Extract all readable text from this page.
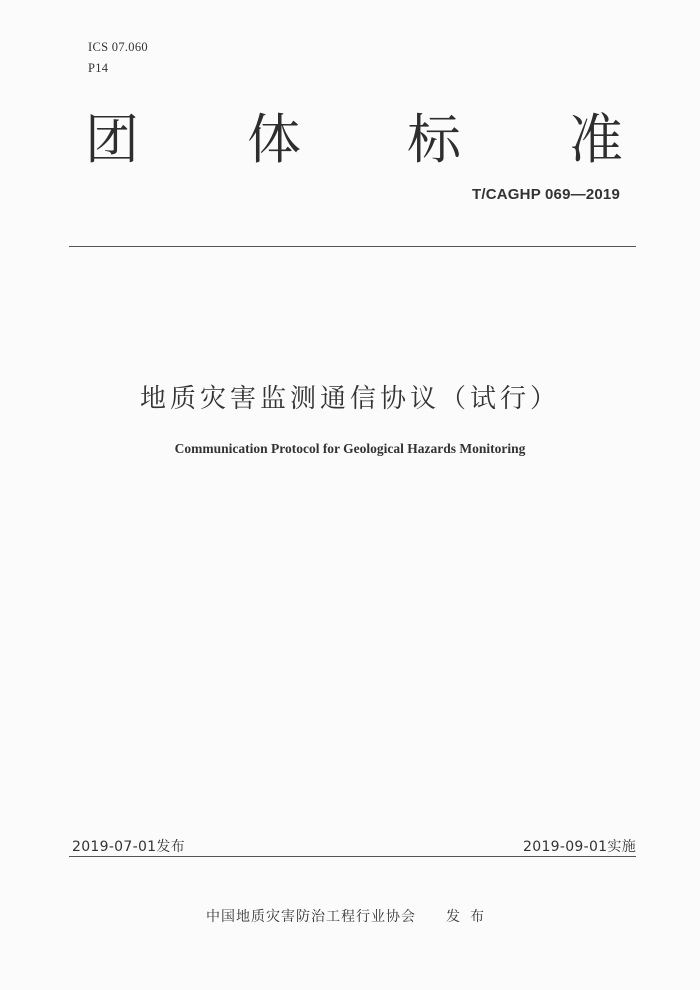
ICS 07.060
P14
团 体 标 准
T/CAGHP 069—2019
地质灾害监测通信协议（试行）
Communication Protocol for Geological Hazards Monitoring
2019-07-01发布	2019-09-01实施
中国地质灾害防治工程行业协会 发布
